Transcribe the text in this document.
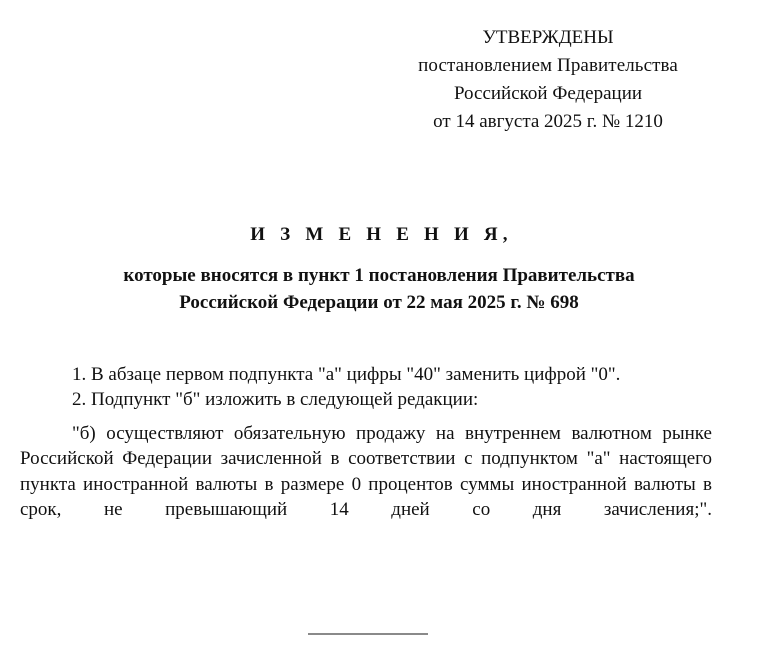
УТВЕРЖДЕНЫ
постановлением Правительства
Российской Федерации
от 14 августа 2025 г. № 1210
И З М Е Н Е Н И Я,
которые вносятся в пункт 1 постановления Правительства
Российской Федерации от 22 мая 2025 г. № 698

1. В абзаце первом подпункта "а" цифры "40" заменить цифрой "0".

2. Подпункт "б" изложить в следующей редакции:

"б) осуществляют обязательную продажу на внутреннем валютном рынке Российской Федерации зачисленной в соответствии с подпунктом "а" настоящего пункта иностранной валюты в размере 0 процентов суммы иностранной валюты в срок, не превышающий 14 дней со дня зачисления;".
